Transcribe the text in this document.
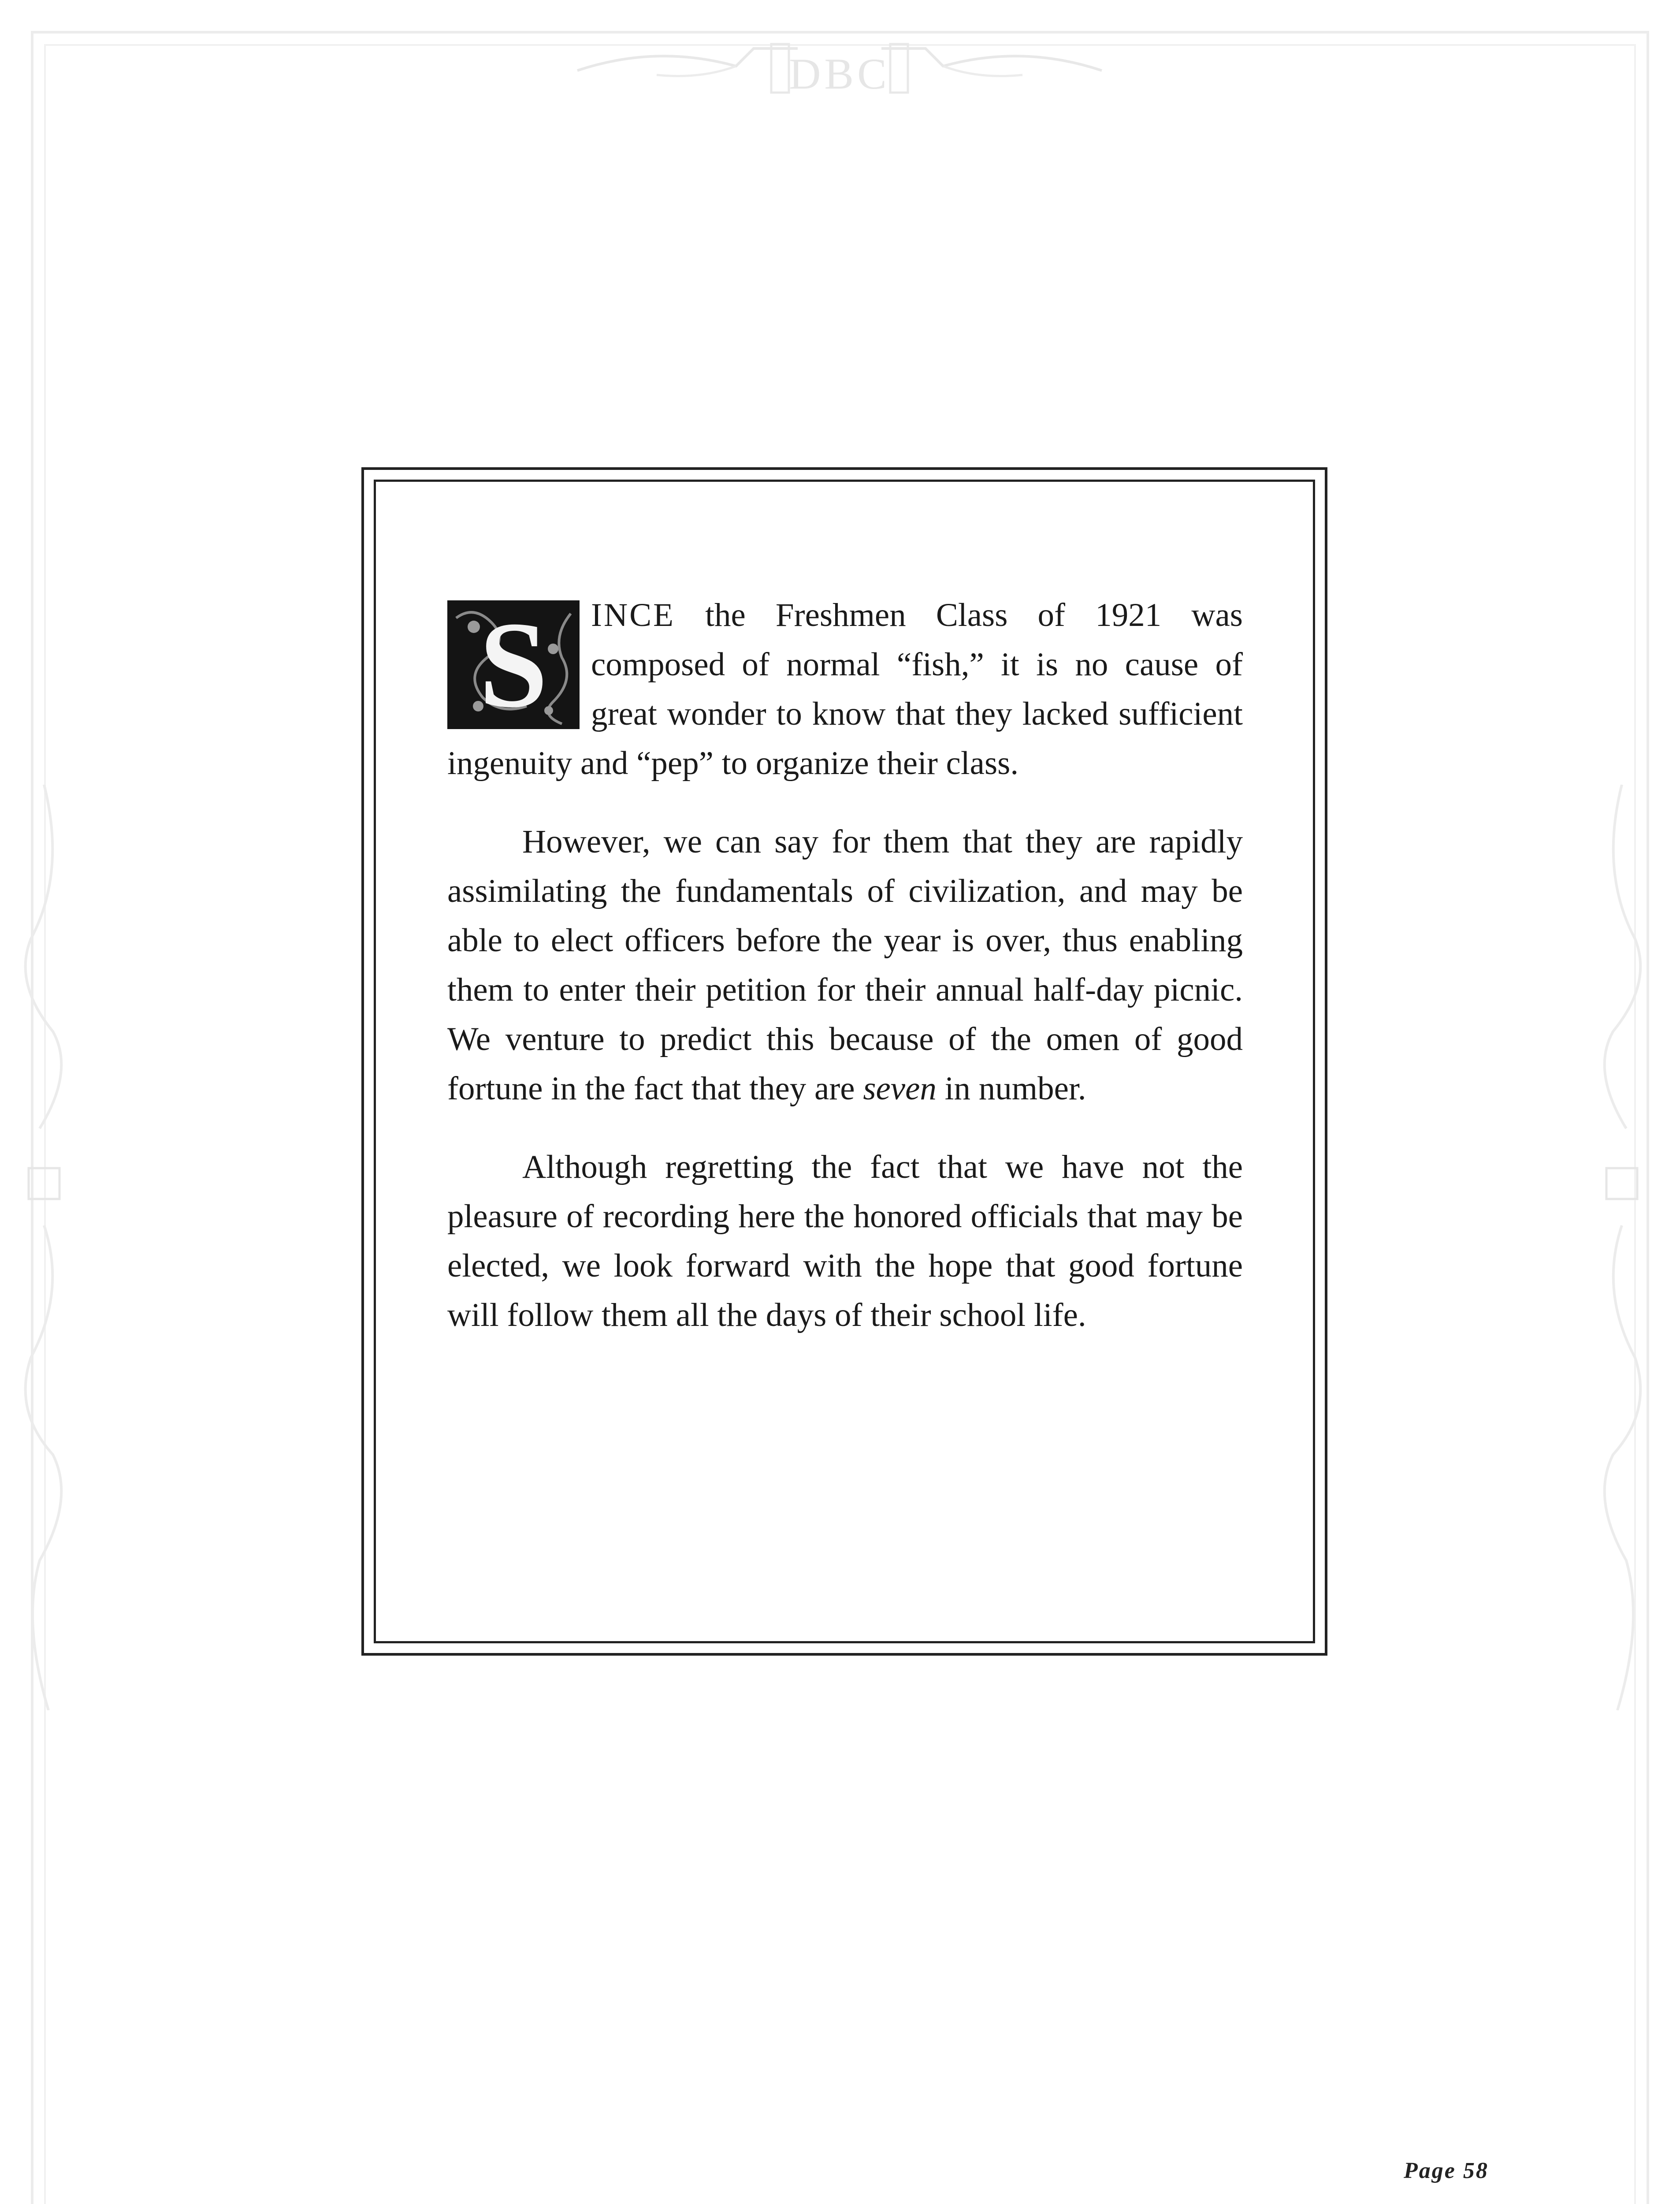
DBC

S	INCE the Freshmen Class of 1921 was composed of normal “fish,” it is no cause of great wonder to know that they lacked sufficient ingenuity and “pep” to organize their class.

However, we can say for them that they are rapidly assimilating the fundamentals of civilization, and may be able to elect officers before the year is over, thus enabling them to enter their petition for their annual half-day picnic. We venture to predict this because of the omen of good fortune in the fact that they are seven in number.

Although regretting the fact that we have not the pleasure of recording here the honored officials that may be elected, we look forward with the hope that good fortune will follow them all the days of their school life.

Page 58
